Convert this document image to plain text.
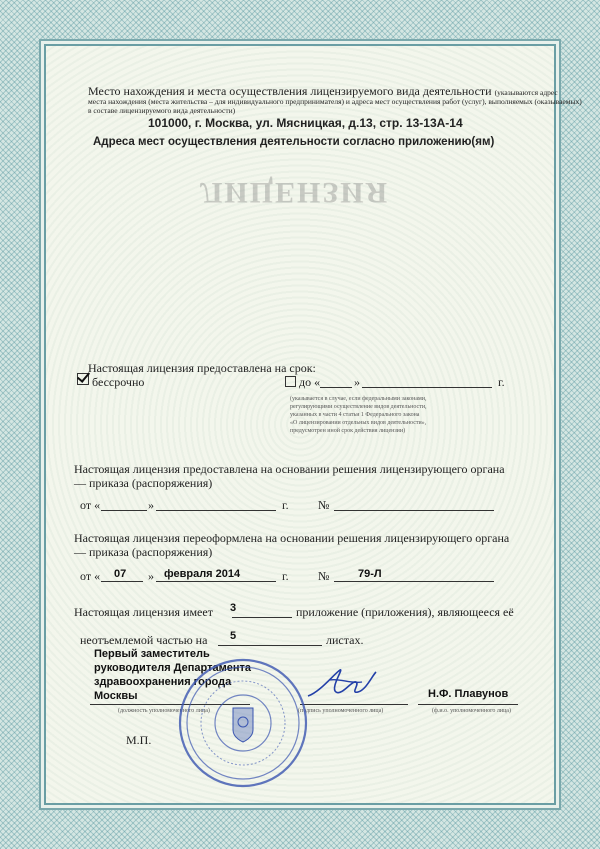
ЛИЦЕНЗИЯ
Место нахождения и места осуществления лицензируемого вида деятельности (указываются адрес
места нахождения (места жительства – для индивидуального предпринимателя) и адреса мест осуществления работ (услуг), выполняемых (оказываемых)
в составе лицензируемого вида деятельности)
101000, г. Москва, ул. Мясницкая, д.13, стр. 13-13А-14
Адреса мест осуществления деятельности согласно приложению(ям)
Настоящая лицензия предоставлена на срок:
бессрочно	до «	»	г.
(указывается в случае, если федеральными законами,
регулирующими осуществление видов деятельности,
указанных в части 4 статьи 1 Федерального закона
«О лицензировании отдельных видов деятельности»,
предусмотрен иной срок действия лицензии)
Настоящая лицензия предоставлена на основании решения лицензирующего органа
— приказа (распоряжения)
от «	»	г. №
Настоящая лицензия переоформлена на основании решения лицензирующего органа
— приказа (распоряжения)
от « 07 » февраля 2014	г. №	79-Л
Настоящая лицензия имеет 3	приложение (приложения), являющееся её
неотъемлемой частью на 5	листах.
Первый заместитель
руководителя Департамента
здравоохранения города
Москвы	Н.Ф. Плавунов
(должность уполномоченного лица)	(подпись уполномоченного лица)	(ф.и.о. уполномоченного лица)
М.П.
